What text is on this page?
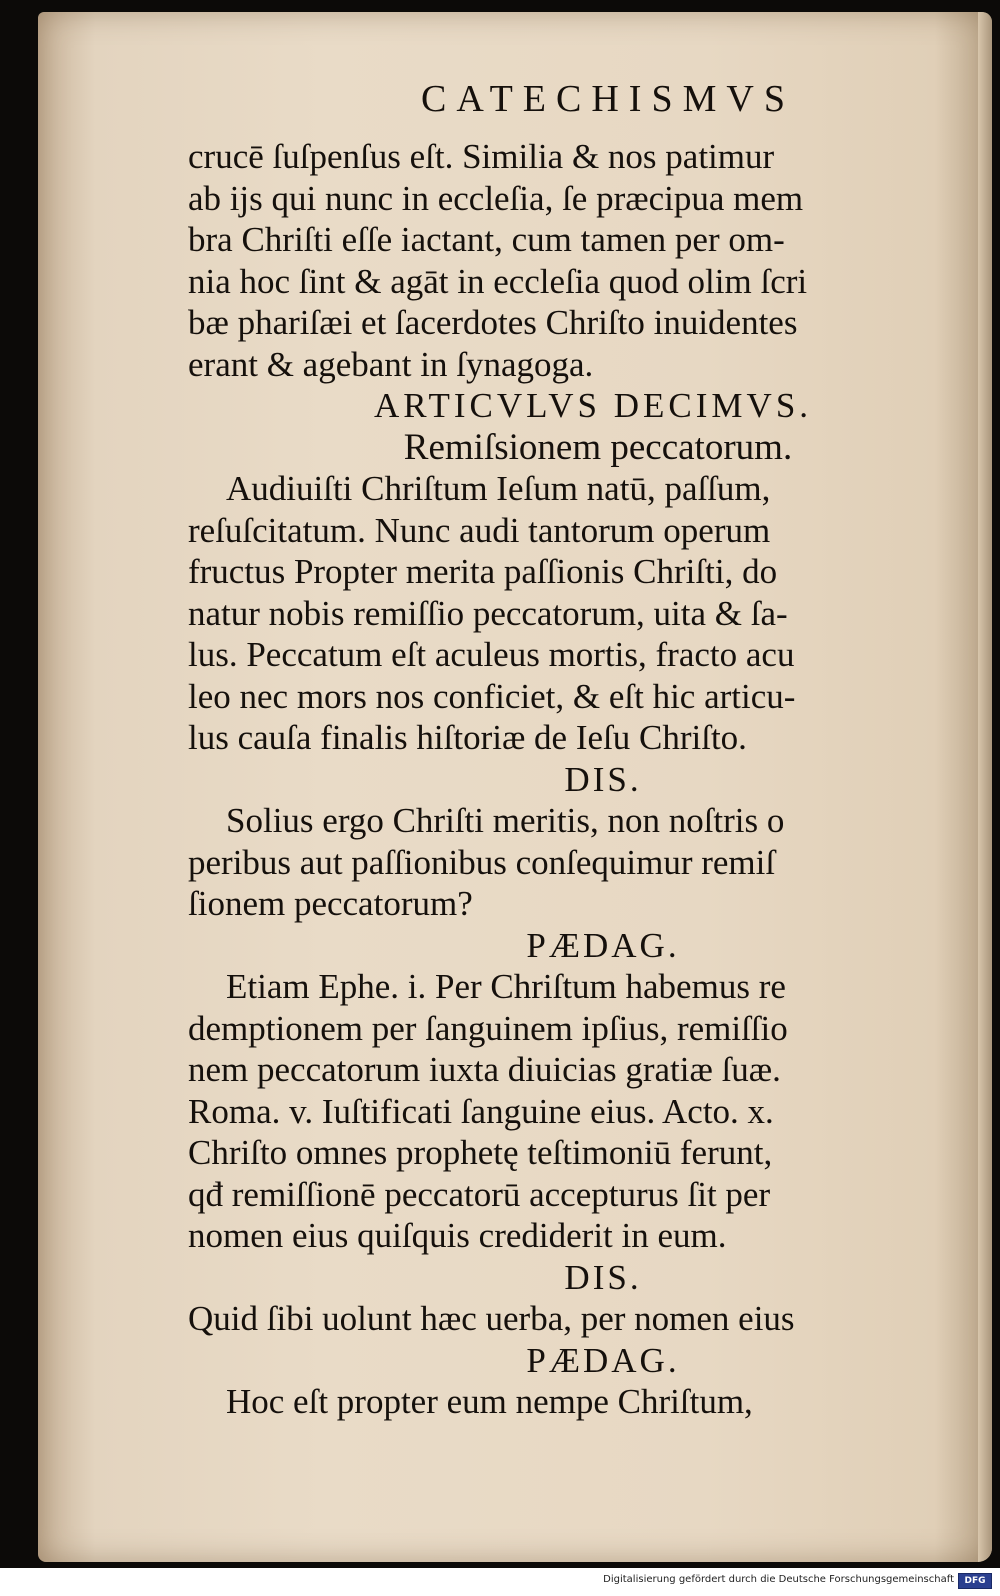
CATECHISMVS
crucē ſuſpenſus eſt. Similia & nos patimur
ab ĳs qui nunc in eccleſia, ſe præcipua mem
bra Chriſti eſſe iactant, cum tamen per om-
nia hoc ſint & agāt in eccleſia quod olim ſcri
bæ phariſæi et ſacerdotes Chriſto inuidentes
erant & agebant in ſynagoga.
ARTICVLVS DECIMVS.
Remiſsionem peccatorum.
Audiuiſti Chriſtum Ieſum natū, paſſum,
reſuſcitatum. Nunc audi tantorum operum
fructus Propter merita paſſionis Chriſti, do
natur nobis remiſſio peccatorum, uita & ſa-
lus. Peccatum eſt aculeus mortis, fracto acu
leo nec mors nos conficiet, & eſt hic articu-
lus cauſa finalis hiſtoriæ de Ieſu Chriſto.
DIS.
Solius ergo Chriſti meritis, non noſtris o
peribus aut paſſionibus conſequimur remiſ
ſionem peccatorum?
PÆDAG.
Etiam Ephe. i. Per Chriſtum habemus re
demptionem per ſanguinem ipſius, remiſſio
nem peccatorum iuxta diuicias gratiæ ſuæ.
Roma. v. Iuſtificati ſanguine eius. Acto. x.
Chriſto omnes prophetę teſtimoniū ferunt,
qđ remiſſionē peccatorū accepturus ſit per
nomen eius quiſquis crediderit in eum.
DIS.
Quid ſibi uolunt hæc uerba, per nomen eius
PÆDAG.
Hoc eſt propter eum nempe Chriſtum,
Digitalisierung gefördert durch die Deutsche Forschungsgemeinschaft DFG
